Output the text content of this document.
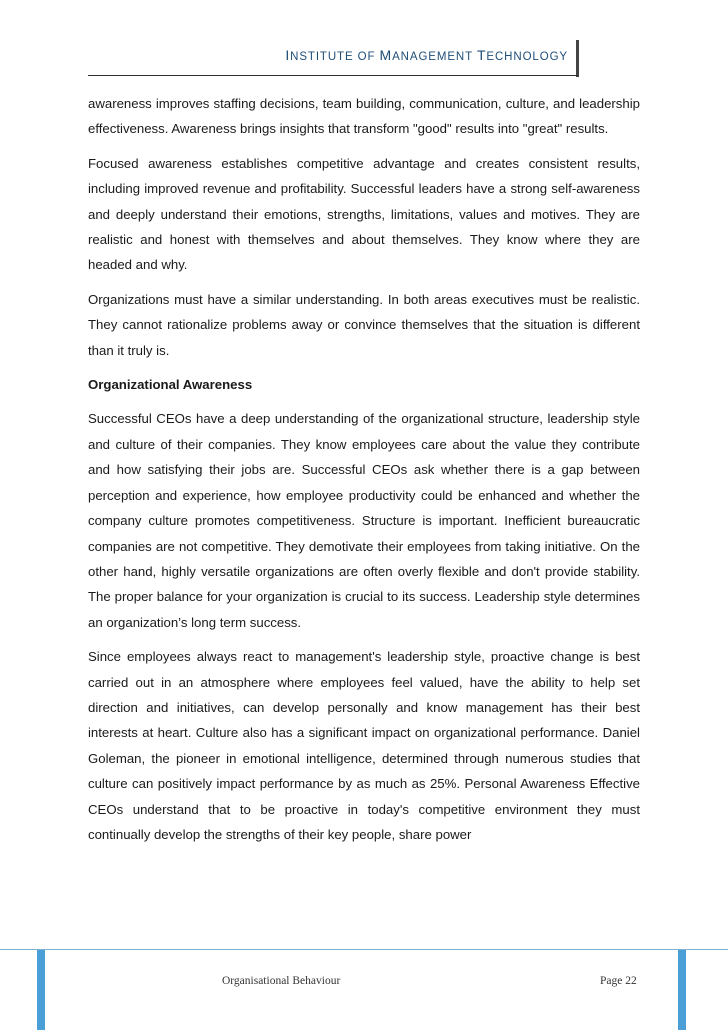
INSTITUTE OF MANAGEMENT TECHNOLOGY

awareness improves staffing decisions, team building, communication, culture, and leadership effectiveness. Awareness brings insights that transform "good" results into "great" results.

Focused awareness establishes competitive advantage and creates consistent results, including improved revenue and profitability. Successful leaders have a strong self-awareness and deeply understand their emotions, strengths, limitations, values and motives. They are realistic and honest with themselves and about themselves. They know where they are headed and why.

Organizations must have a similar understanding. In both areas executives must be realistic. They cannot rationalize problems away or convince themselves that the situation is different than it truly is.

Organizational Awareness

Successful CEOs have a deep understanding of the organizational structure, leadership style and culture of their companies. They know employees care about the value they contribute and how satisfying their jobs are. Successful CEOs ask whether there is a gap between perception and experience, how employee productivity could be enhanced and whether the company culture promotes competitiveness. Structure is important. Inefficient bureaucratic companies are not competitive. They demotivate their employees from taking initiative. On the other hand, highly versatile organizations are often overly flexible and don't provide stability. The proper balance for your organization is crucial to its success. Leadership style determines an organization’s long term success.

Since employees always react to management's leadership style, proactive change is best carried out in an atmosphere where employees feel valued, have the ability to help set direction and initiatives, can develop personally and know management has their best interests at heart. Culture also has a significant impact on organizational performance. Daniel Goleman, the pioneer in emotional intelligence, determined through numerous studies that culture can positively impact performance by as much as 25%. Personal Awareness Effective CEOs understand that to be proactive in today's competitive environment they must continually develop the strengths of their key people, share power

Organisational Behaviour	Page 22
